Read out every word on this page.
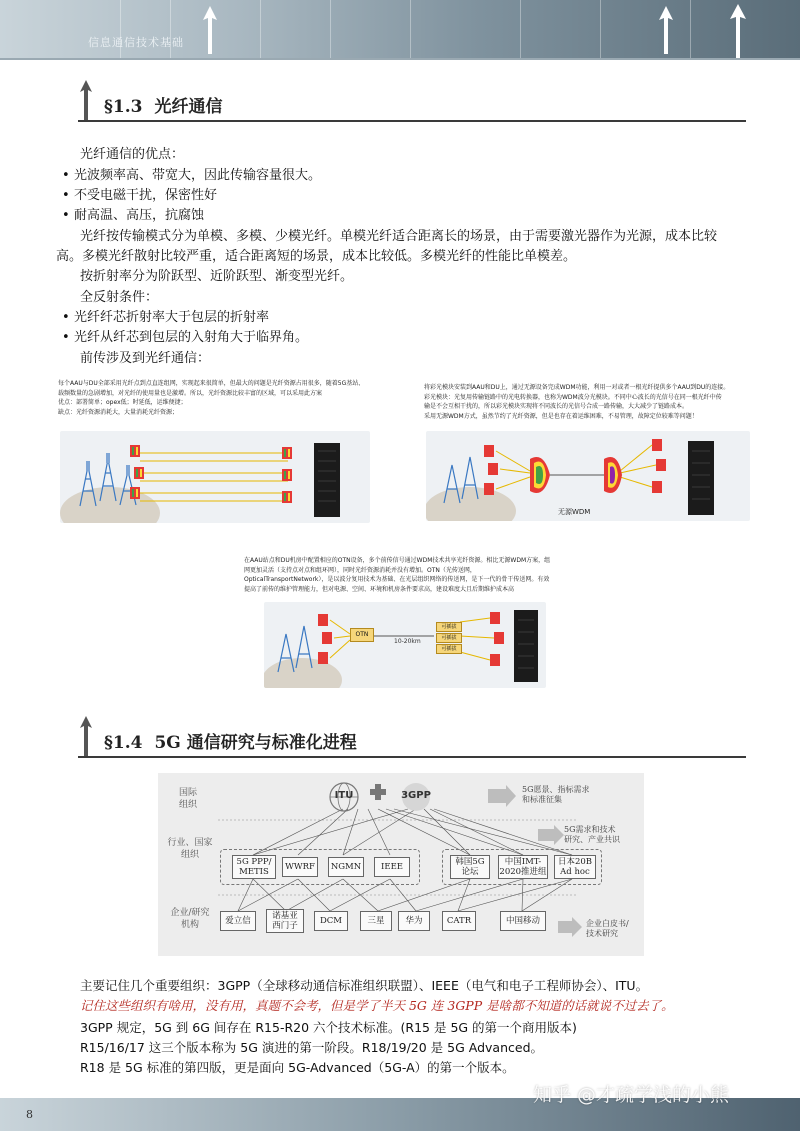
信息通信技术基础
§1.3 光纤通信
光纤通信的优点：
• 光波频率高、带宽大，因此传输容量很大。
• 不受电磁干扰，保密性好
• 耐高温、高压，抗腐蚀
光纤按传输模式分为单模、多模、少模光纤。单模光纤适合距离长的场景，由于需要激光器作为光源，成本比较
高。多模光纤散射比较严重，适合距离短的场景，成本比较低。多模光纤的性能比单模差。
按折射率分为阶跃型、近阶跃型、渐变型光纤。
全反射条件：
• 光纤纤芯折射率大于包层的折射率
• 光纤从纤芯到包层的入射角大于临界角。
前传涉及到光纤通信：
每个AAU与DU全部采用光纤点到点直连组网，实现起来很简单，但最大的问题是光纤资源占用很多，随着5G基站、
载频数量的急剧增加，对光纤的使用量也是激增。所以，光纤资源比较丰富的区域，可以采用此方案
优点：部署简单；opex低；时延低，运维便捷；
缺点：光纤资源消耗大，大量消耗光纤资源；
将彩光模块安装到AAU和DU上，通过无源设备完成WDM功能，利用一对或者一根光纤提供多个AAU到DU的连接。
彩光模块：光复用传输链路中的光电转换器，也称为WDM波分光模块。不同中心波长的光信号在同一根光纤中传
输是不会互相干扰的，所以彩光模块实现将不同波长的光信号合成一路传输，大大减少了链路成本。
采用无源WDM方式，虽然节约了光纤资源，但是也存在着运维困难，不易管理，故障定位较难等问题！
无源WDM
在AAU站点和DU机房中配置相应的OTN设备，多个前传信号通过WDM技术共享光纤资源。相比无源WDM方案，组
网更加灵活（支持点对点和组环网），同时光纤资源消耗并没有增加。OTN（光传送网，
OpticalTransportNetwork），是以波分复用技术为基础、在光层组织网络的传送网，是下一代的骨干传送网。有效
提高了前传的维护管理能力，但对电源、空间、环境和机房条件要求高，建设难度大且后期维护成本高
OTN
10-20km
可插拔
可插拔
可插拔
§1.4 5G 通信研究与标准化进程
国际
组织
行业、国家
组织
企业/研究
机构
ITU	3GPP
5G PPP/
METIS	WWRF	NGMN	IEEE	韩国5G
论坛
中国IMT-
2020推进组
日本20B
Ad hoc
爱立信	诺基亚
西门子	DCM	三星	华为	CATR	中国移动
5G愿景、指标需求
和标准征集
5G需求和技术
研究、产业共识
企业白皮书/
技术研究
主要记住几个重要组织：3GPP（全球移动通信标准组织联盟）、IEEE（电气和电子工程师协会）、ITU。
记住这些组织有啥用，没有用，真题不会考，但是学了半天 5G 连 3GPP 是啥都不知道的话就说不过去了。
3GPP 规定，5G 到 6G 间存在 R15-R20 六个技术标准。(R15 是 5G 的第一个商用版本)
R15/16/17 这三个版本称为 5G 演进的第一阶段。R18/19/20 是 5G Advanced。
R18 是 5G 标准的第四版，更是面向 5G-Advanced（5G-A）的第一个版本。
8
知乎 @才疏学浅的小熊
